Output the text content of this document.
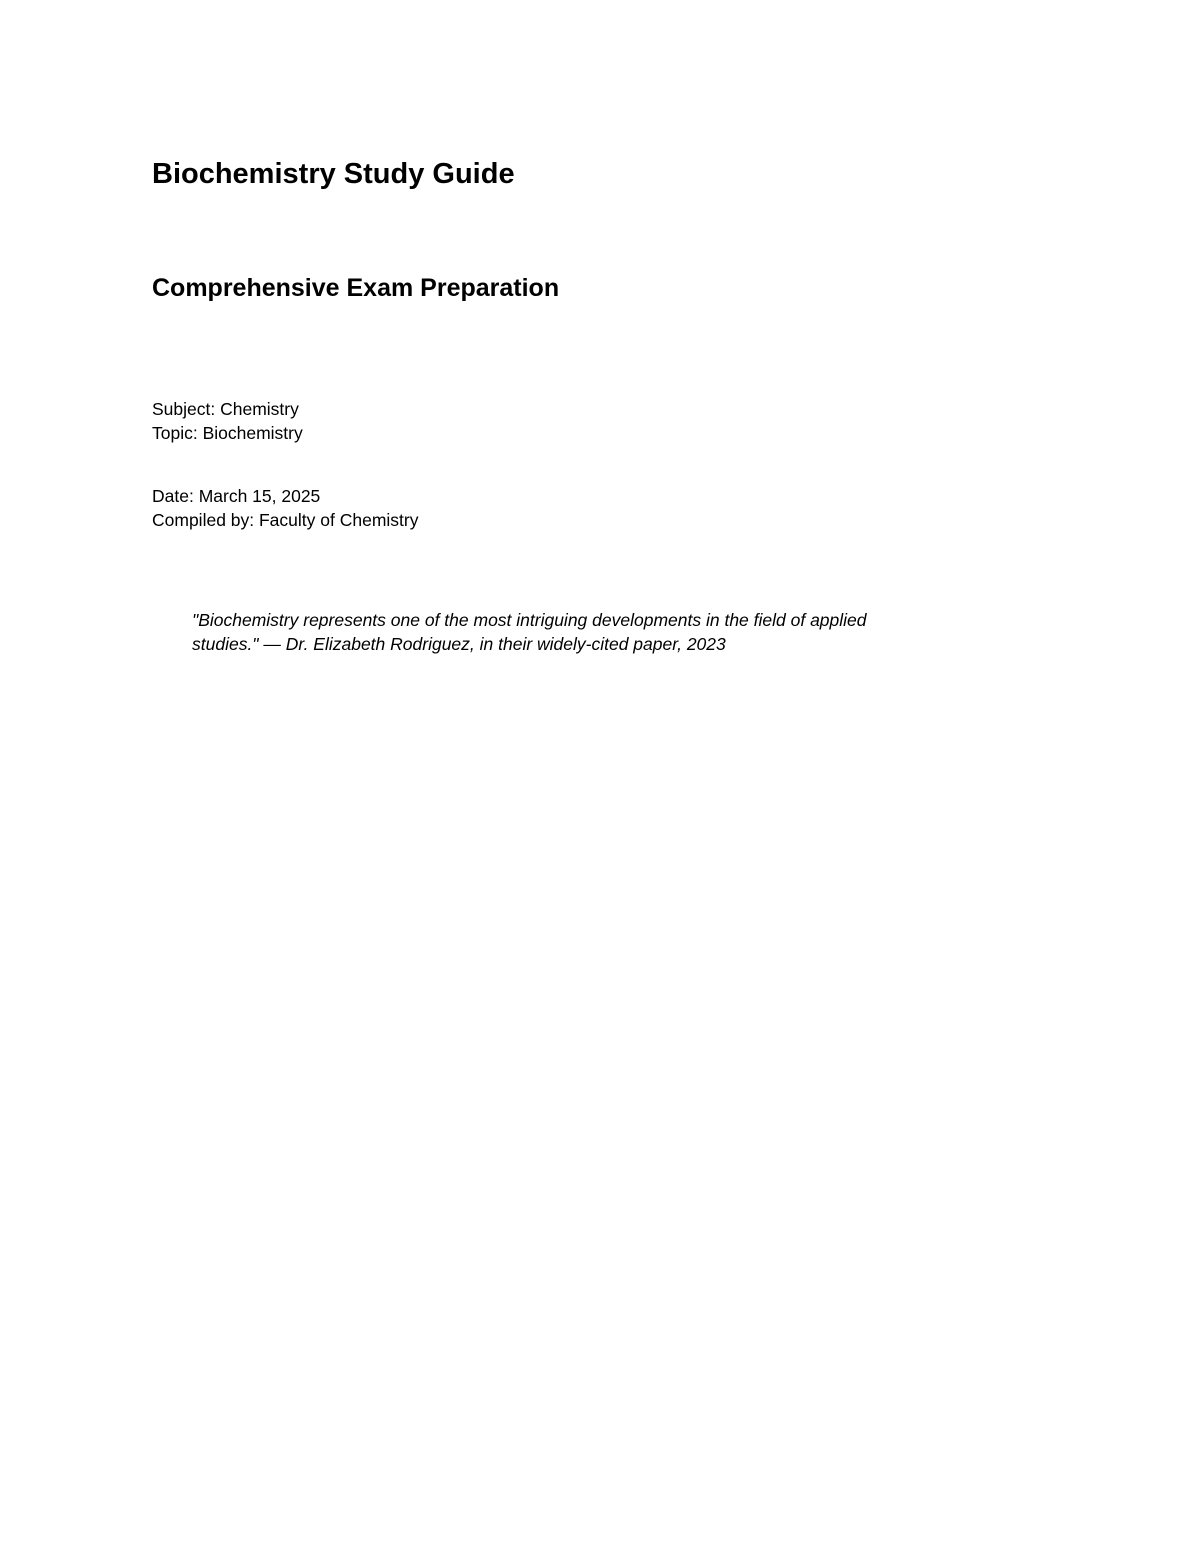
Biochemistry Study Guide
Comprehensive Exam Preparation
Subject: Chemistry
Topic: Biochemistry
Date: March 15, 2025
Compiled by: Faculty of Chemistry
"Biochemistry represents one of the most intriguing developments in the field of applied
studies." — Dr. Elizabeth Rodriguez, in their widely-cited paper, 2023
